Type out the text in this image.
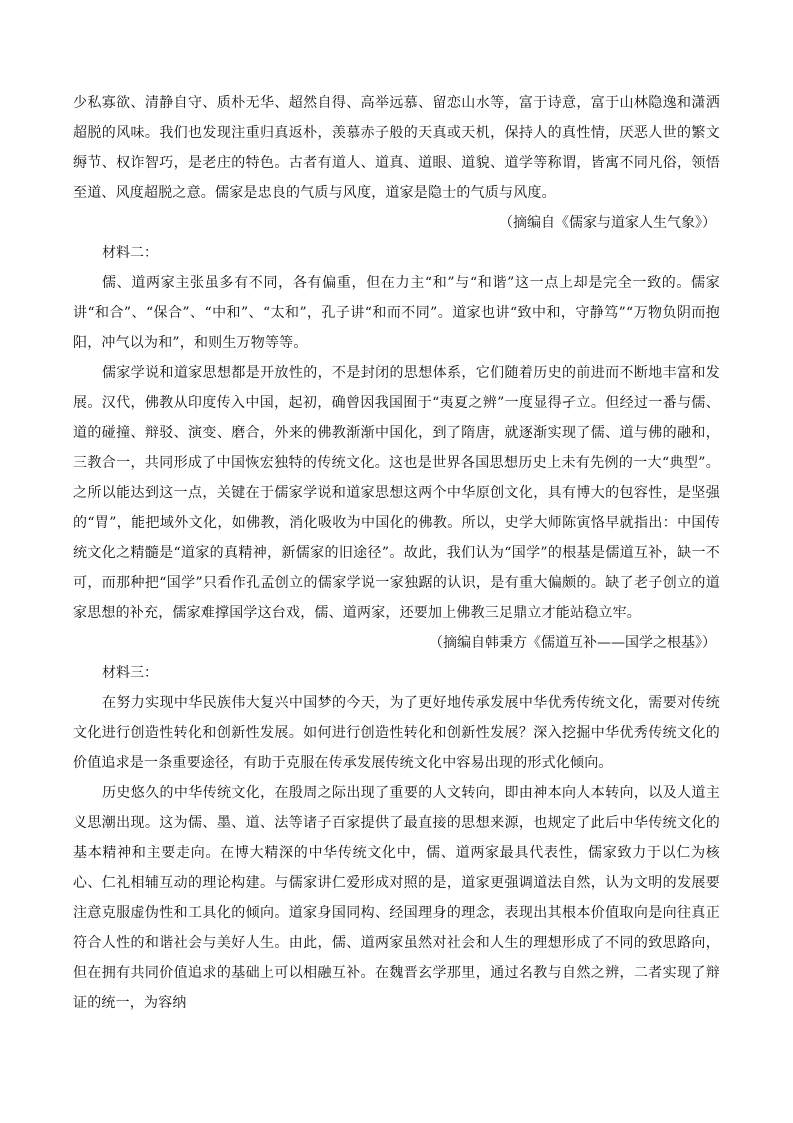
少私寡欲、清静自守、质朴无华、超然自得、高举远慕、留恋山水等，富于诗意，富于山林隐逸和潇洒超脱的风味。我们也发现注重归真返朴，羡慕赤子般的天真或天机，保持人的真性情，厌恶人世的繁文缛节、权诈智巧，是老庄的特色。古者有道人、道真、道眼、道貌、道学等称谓，皆寓不同凡俗，领悟至道、风度超脱之意。儒家是忠良的气质与风度，道家是隐士的气质与风度。

（摘编自《儒家与道家人生气象》）

材料二：

儒、道两家主张虽多有不同，各有偏重，但在力主“和”与“和谐”这一点上却是完全一致的。儒家讲“和合”、“保合”、“中和”、“太和”，孔子讲“和而不同”。道家也讲“致中和，守静笃”“万物负阴而抱阳，冲气以为和”，和则生万物等等。

儒家学说和道家思想都是开放性的，不是封闭的思想体系，它们随着历史的前进而不断地丰富和发展。汉代，佛教从印度传入中国，起初，确曾因我国囿于“夷夏之辨”一度显得孑立。但经过一番与儒、道的碰撞、辩驳、演变、磨合，外来的佛教渐渐中国化，到了隋唐，就逐渐实现了儒、道与佛的融和，三教合一，共同形成了中国恢宏独特的传统文化。这也是世界各国思想历史上未有先例的一大“典型”。之所以能达到这一点，关键在于儒家学说和道家思想这两个中华原创文化，具有博大的包容性，是坚强的“胃”，能把域外文化，如佛教，消化吸收为中国化的佛教。所以，史学大师陈寅恪早就指出：中国传统文化之精髓是“道家的真精神，新儒家的旧途径”。故此，我们认为“国学”的根基是儒道互补，缺一不可，而那种把“国学”只看作孔孟创立的儒家学说一家独踞的认识，是有重大偏颇的。缺了老子创立的道家思想的补充，儒家难撑国学这台戏，儒、道两家，还要加上佛教三足鼎立才能站稳立牢。

（摘编自韩秉方《儒道互补——国学之根基》）

材料三：

在努力实现中华民族伟大复兴中国梦的今天，为了更好地传承发展中华优秀传统文化，需要对传统文化进行创造性转化和创新性发展。如何进行创造性转化和创新性发展？深入挖掘中华优秀传统文化的价值追求是一条重要途径，有助于克服在传承发展传统文化中容易出现的形式化倾向。

历史悠久的中华传统文化，在殷周之际出现了重要的人文转向，即由神本向人本转向，以及人道主义思潮出现。这为儒、墨、道、法等诸子百家提供了最直接的思想来源，也规定了此后中华传统文化的基本精神和主要走向。在博大精深的中华传统文化中，儒、道两家最具代表性，儒家致力于以仁为核心、仁礼相辅互动的理论构建。与儒家讲仁爱形成对照的是，道家更强调道法自然，认为文明的发展要注意克服虚伪性和工具化的倾向。道家身国同构、经国理身的理念，表现出其根本价值取向是向往真正符合人性的和谐社会与美好人生。由此，儒、道两家虽然对社会和人生的理想形成了不同的致思路向，但在拥有共同价值追求的基础上可以相融互补。在魏晋玄学那里，通过名教与自然之辨，二者实现了辩证的统一，为容纳
